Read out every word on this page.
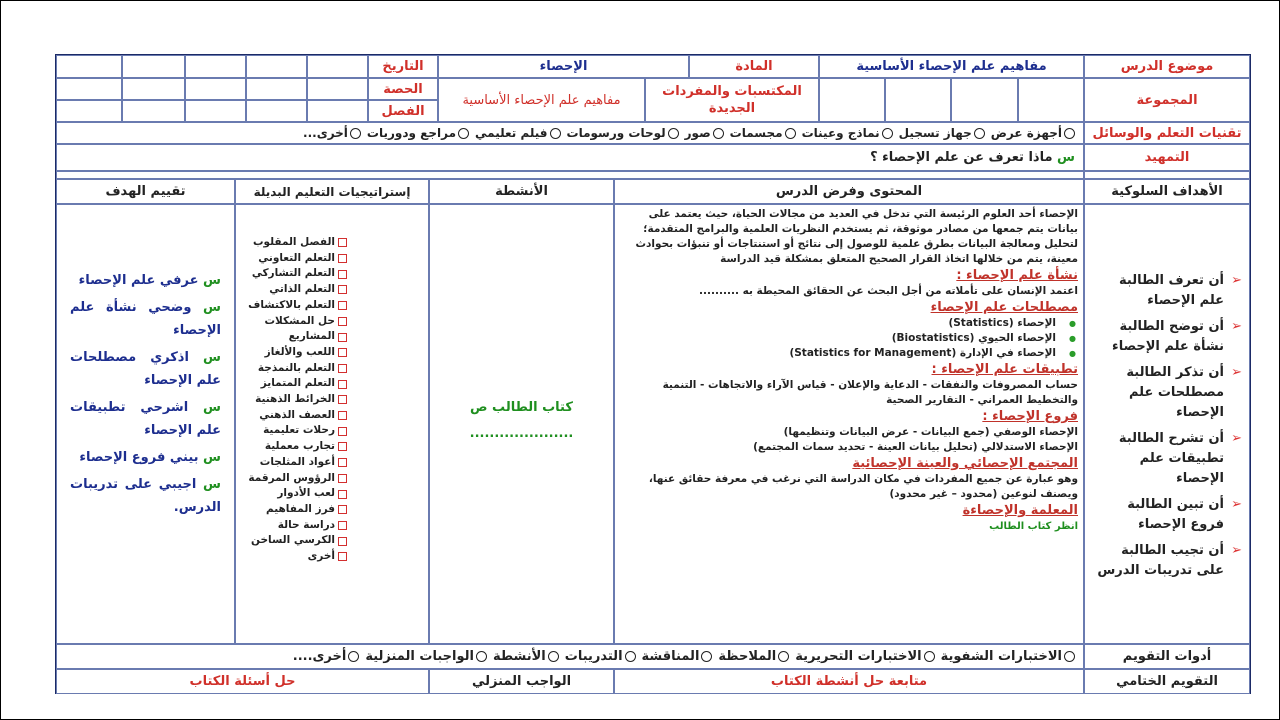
موضوع الدرس
مفاهيم علم الإحصاء الأساسية
المادة
الإحصاء
التاريخ
المجموعة
المكتسبات والمفردات الجديدة
مفاهيم علم الإحصاء الأساسية
الحصة
الفصل
تقنيات التعلم والوسائل
أجهزة عرض
جهاز تسجيل
نماذج وعينات
مجسمات
صور
لوحات ورسومات
فيلم تعليمي
مراجع ودوريات
أخرى...
التمهيد
س

ماذا تعرف عن علم الإحصاء ؟
الأهداف السلوكية
المحتوى وفرض الدرس
الأنشطة
إستراتيجيات التعليم البديلة
تقييم الهدف
➢
أن تعرف الطالبة علم الإحصاء
➢
أن توضح الطالبة نشأة علم الإحصاء
➢
أن تذكر الطالبة مصطلحات علم الإحصاء
➢
أن تشرح الطالبة تطبيقات علم الإحصاء
➢
أن تبين الطالبة فروع الإحصاء
➢
أن تجيب الطالبة على تدريبات الدرس
الإحصاء أحد العلوم الرئيسة التي تدخل في العديد من مجالات الحياة، حيث يعتمد على بيانات يتم جمعها من مصادر موثوقة، ثم يستخدم النظريات العلمية والبرامج المتقدمة؛ لتحليل ومعالجة البيانات بطرق علمية للوصول إلى نتائج أو استنتاجات أو تنبؤات بحوادث معينة، يتم من خلالها اتخاذ القرار الصحيح المتعلق بمشكلة قيد الدراسة
نشأة علم الإحصاء :
اعتمد الإنسان على تأملاته من أجل البحث عن الحقائق المحيطة به ..........
مصطلحات علم الإحصاء
● الإحصاء (Statistics)
● الإحصاء الحيوي (Biostatistics)
● الإحصاء في الإدارة (Statistics for Management)
تطبيقات علم الإحصاء :
حساب المصروفات والنفقات - الدعاية والإعلان - قياس الآراء والاتجاهات - التنمية والتخطيط العمراني - التقارير الصحية
فروع الإحصاء :
الإحصاء الوصفي (جمع البيانات - عرض البيانات وتنظيمها)
الإحصاء الاستدلالي (تحليل بيانات العينة - تحديد سمات المجتمع)
المجتمع الإحصائي والعينة الإحصائية
وهو عبارة عن جميع المفردات في مكان الدراسة التي نرغب في معرفة حقائق عنها، ويصنف لنوعين (محدود – غير محدود)
المعلمة والإحصاءة
انظر كتاب الطالب
كتاب الطالب ص
.....................
الفصل المقلوب
التعلم التعاوني
التعلم التشاركي
التعلم الذاتي
التعلم بالاكتشاف
حل المشكلات
المشاريع
اللعب والألغاز
التعلم بالنمذجة
التعلم المتمايز
الخرائط الذهنية
العصف الذهني
رحلات تعليمية
تجارب معملية
أعواد المثلجات
الرؤوس المرقمة
لعب الأدوار
فرز المفاهيم
دراسة حالة
الكرسي الساخن
أخرى

س عرفي علم الإحصاء

س وضحي نشأة علم الإحصاء

س اذكري مصطلحات علم الإحصاء

س اشرحي تطبيقات علم الإحصاء

س بيني فروع الإحصاء

س اجيبي على تدريبات الدرس.

أدوات التقويم
الاختبارات الشفوية
الاختبارات التحريرية
الملاحظة
المناقشة
التدريبات
الأنشطة
الواجبات المنزلية
أخرى....
التقويم الختامي
متابعة حل أنشطة الكتاب
الواجب المنزلي
حل أسئلة الكتاب
